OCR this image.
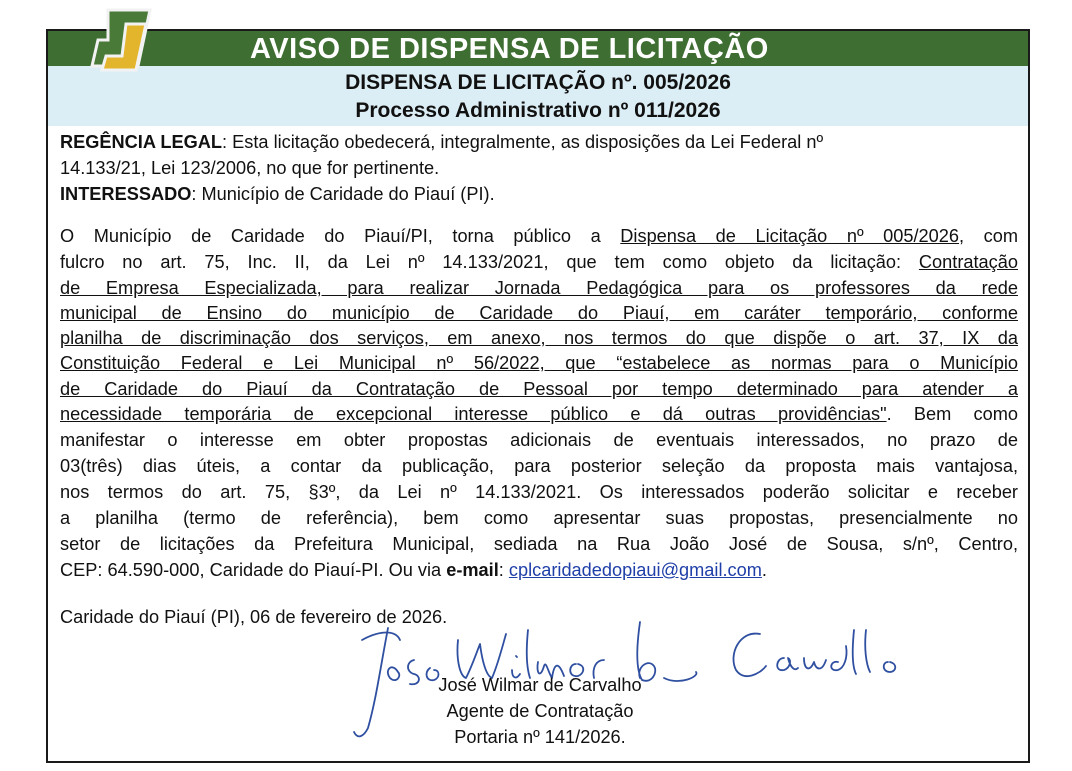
AVISO DE DISPENSA DE LICITAÇÃO
DISPENSA DE LICITAÇÃO nº. 005/2026
Processo Administrativo nº 011/2026
REGÊNCIA LEGAL: Esta licitação obedecerá, integralmente, as disposições da Lei Federal nº
14.133/21, Lei 123/2006, no que for pertinente.
INTERESSADO: Município de Caridade do Piauí (PI).
O Município de Caridade do Piauí/PI, torna público a Dispensa de Licitação nº 005/2026, com
fulcro no art. 75, Inc. II, da Lei nº 14.133/2021, que tem como objeto da licitação: Contratação
de Empresa Especializada, para realizar Jornada Pedagógica para os professores da rede
municipal de Ensino do município de Caridade do Piauí, em caráter temporário, conforme
planilha de discriminação dos serviços, em anexo, nos termos do que dispõe o art. 37, IX da
Constituição Federal e Lei Municipal nº 56/2022, que “estabelece as normas para o Município
de Caridade do Piauí da Contratação de Pessoal por tempo determinado para atender a
necessidade temporária de excepcional interesse público e dá outras providências". Bem como
manifestar o interesse em obter propostas adicionais de eventuais interessados, no prazo de
03(três) dias úteis, a contar da publicação, para posterior seleção da proposta mais vantajosa,
nos termos do art. 75, §3º, da Lei nº 14.133/2021. Os interessados poderão solicitar e receber
a planilha (termo de referência), bem como apresentar suas propostas, presencialmente no
setor de licitações da Prefeitura Municipal, sediada na Rua João José de Sousa, s/nº, Centro,
CEP: 64.590-000, Caridade do Piauí-PI. Ou via e-mail: cplcaridadedopiaui@gmail.com.
Caridade do Piauí (PI), 06 de fevereiro de 2026.
José Wilmar de Carvalho
Agente de Contratação
Portaria nº 141/2026.
